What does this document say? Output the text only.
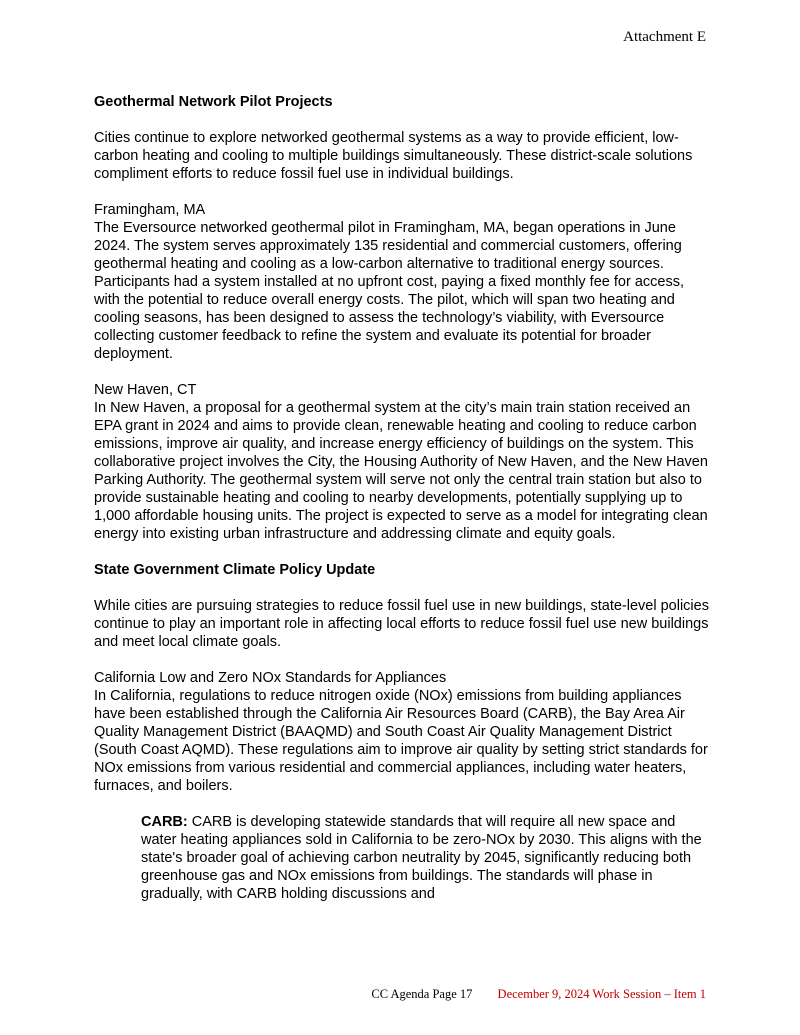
Attachment E
Geothermal Network Pilot Projects

Cities continue to explore networked geothermal systems as a way to provide efficient, low-carbon heating and cooling to multiple buildings simultaneously. These district-scale solutions compliment efforts to reduce fossil fuel use in individual buildings.

Framingham, MA

The Eversource networked geothermal pilot in Framingham, MA, began operations in June 2024. The system serves approximately 135 residential and commercial customers, offering geothermal heating and cooling as a low-carbon alternative to traditional energy sources. Participants had a system installed at no upfront cost, paying a fixed monthly fee for access, with the potential to reduce overall energy costs. The pilot, which will span two heating and cooling seasons, has been designed to assess the technology’s viability, with Eversource collecting customer feedback to refine the system and evaluate its potential for broader deployment.

New Haven, CT

In New Haven, a proposal for a geothermal system at the city’s main train station received an EPA grant in 2024 and aims to provide clean, renewable heating and cooling to reduce carbon emissions, improve air quality, and increase energy efficiency of buildings on the system. This collaborative project involves the City, the Housing Authority of New Haven, and the New Haven Parking Authority. The geothermal system will serve not only the central train station but also to provide sustainable heating and cooling to nearby developments, potentially supplying up to 1,000 affordable housing units. The project is expected to serve as a model for integrating clean energy into existing urban infrastructure and addressing climate and equity goals.

State Government Climate Policy Update

While cities are pursuing strategies to reduce fossil fuel use in new buildings, state-level policies continue to play an important role in affecting local efforts to reduce fossil fuel use new buildings and meet local climate goals.

California Low and Zero NOx Standards for Appliances

In California, regulations to reduce nitrogen oxide (NOx) emissions from building appliances have been established through the California Air Resources Board (CARB), the Bay Area Air Quality Management District (BAAQMD) and South Coast Air Quality Management District (South Coast AQMD). These regulations aim to improve air quality by setting strict standards for NOx emissions from various residential and commercial appliances, including water heaters, furnaces, and boilers.

CARB: CARB is developing statewide standards that will require all new space and water heating appliances sold in California to be zero-NOx by 2030. This aligns with the state's broader goal of achieving carbon neutrality by 2045, significantly reducing both greenhouse gas and NOx emissions from buildings. The standards will phase in gradually, with CARB holding discussions and

CC Agenda Page 17 December 9, 2024 Work Session – Item 1
